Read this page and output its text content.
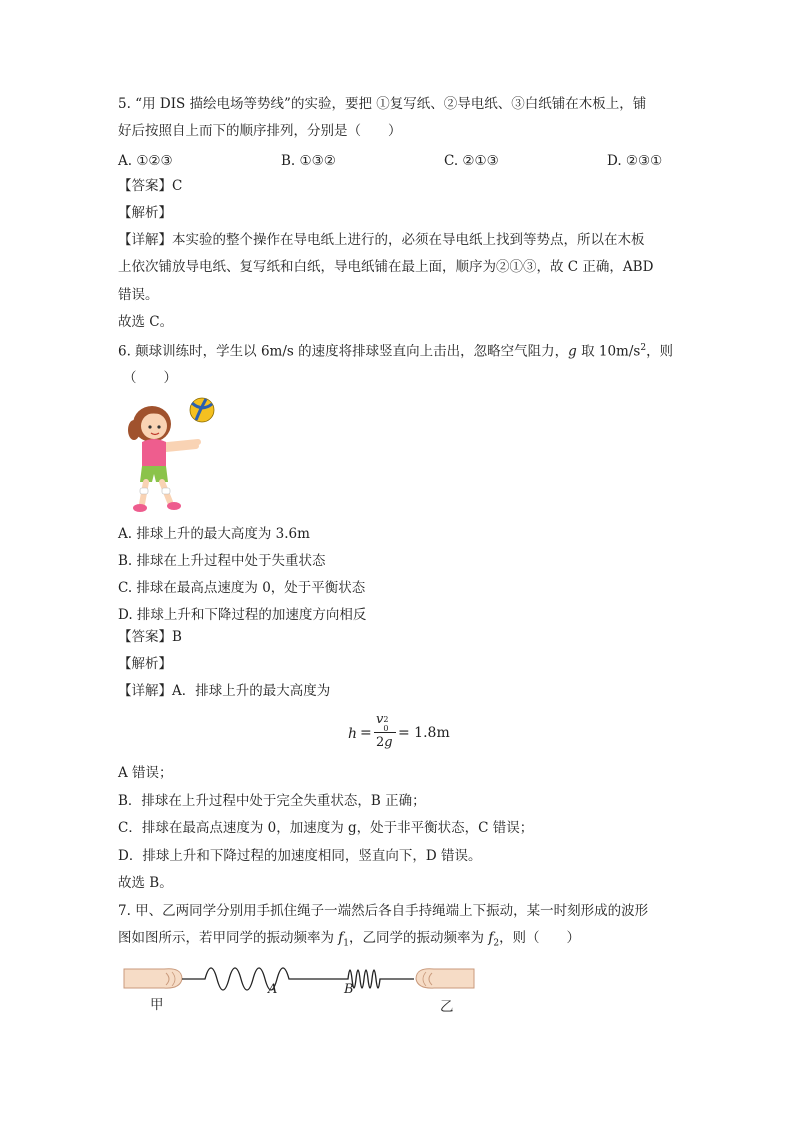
5. “用 DIS 描绘电场等势线”的实验，要把 ①复写纸、②导电纸、③白纸铺在木板上，铺
好后按照自上而下的顺序排列，分别是（　　）
A. ①②③	B. ①③②	C. ②①③	D. ②③①
【答案】C
【解析】
【详解】本实验的整个操作在导电纸上进行的，必须在导电纸上找到等势点，所以在木板
上依次铺放导电纸、复写纸和白纸，导电纸铺在最上面，顺序为②①③，故 C 正确，ABD
错误。
故选 C。
6. 颠球训练时，学生以 6m/s 的速度将排球竖直向上击出，忽略空气阻力，g 取 $10m/s^2$，则
（　　）
A. 排球上升的最大高度为 3.6m
B. 排球在上升过程中处于失重状态
C. 排球在最高点速度为 0，处于平衡状态
D. 排球上升和下降过程的加速度方向相反
【答案】B
【解析】
【详解】A．排球上升的最大高度为
h =
v 2
0
2g
= 1.8m
A 错误；
B．排球在上升过程中处于完全失重状态，B 正确；
C．排球在最高点速度为 0，加速度为 g，处于非平衡状态，C 错误；
D．排球上升和下降过程的加速度相同，竖直向下，D 错误。
故选 B。
7. 甲、乙两同学分别用手抓住绳子一端然后各自手持绳端上下振动，某一时刻形成的波形
图如图所示，若甲同学的振动频率为 $f_1$，乙同学的振动频率为 $f_2$，则（　　）
A	B
甲	乙
